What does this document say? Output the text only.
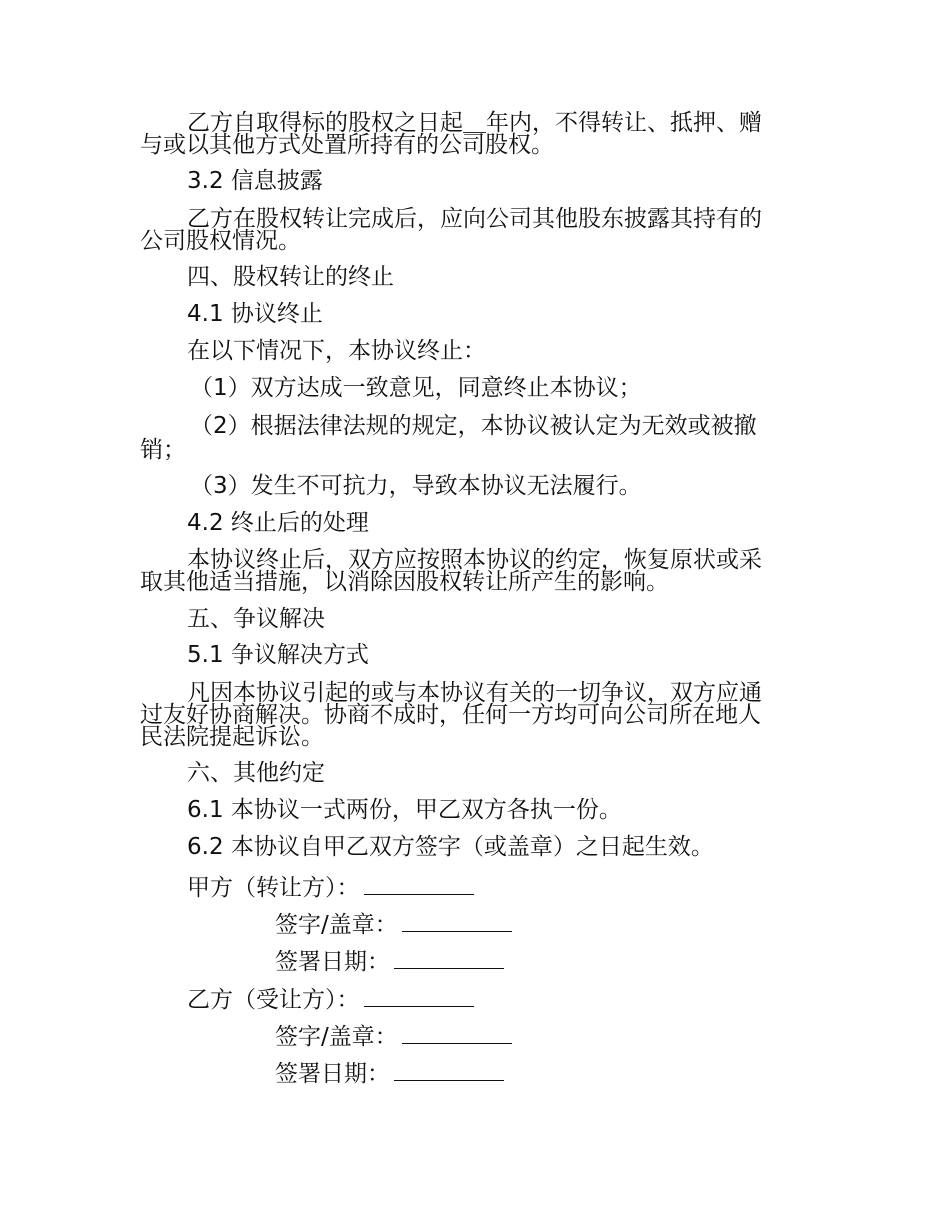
乙方自取得标的股权之日起＿年内，不得转让、抵押、赠
与或以其他方式处置所持有的公司股权。
3.2 信息披露
乙方在股权转让完成后，应向公司其他股东披露其持有的
公司股权情况。
四、股权转让的终止
4.1 协议终止
在以下情况下，本协议终止：
（1）双方达成一致意见，同意终止本协议；
（2）根据法律法规的规定，本协议被认定为无效或被撤
销；
（3）发生不可抗力，导致本协议无法履行。
4.2 终止后的处理
本协议终止后，双方应按照本协议的约定，恢复原状或采
取其他适当措施，以消除因股权转让所产生的影响。
五、争议解决
5.1 争议解决方式
凡因本协议引起的或与本协议有关的一切争议，双方应通
过友好协商解决。协商不成时，任何一方均可向公司所在地人
民法院提起诉讼。
六、其他约定
6.1 本协议一式两份，甲乙双方各执一份。
6.2 本协议自甲乙双方签字（或盖章）之日起生效。
甲方（转让方）：
签字/盖章：
签署日期：
乙方（受让方）：
签字/盖章：
签署日期：
